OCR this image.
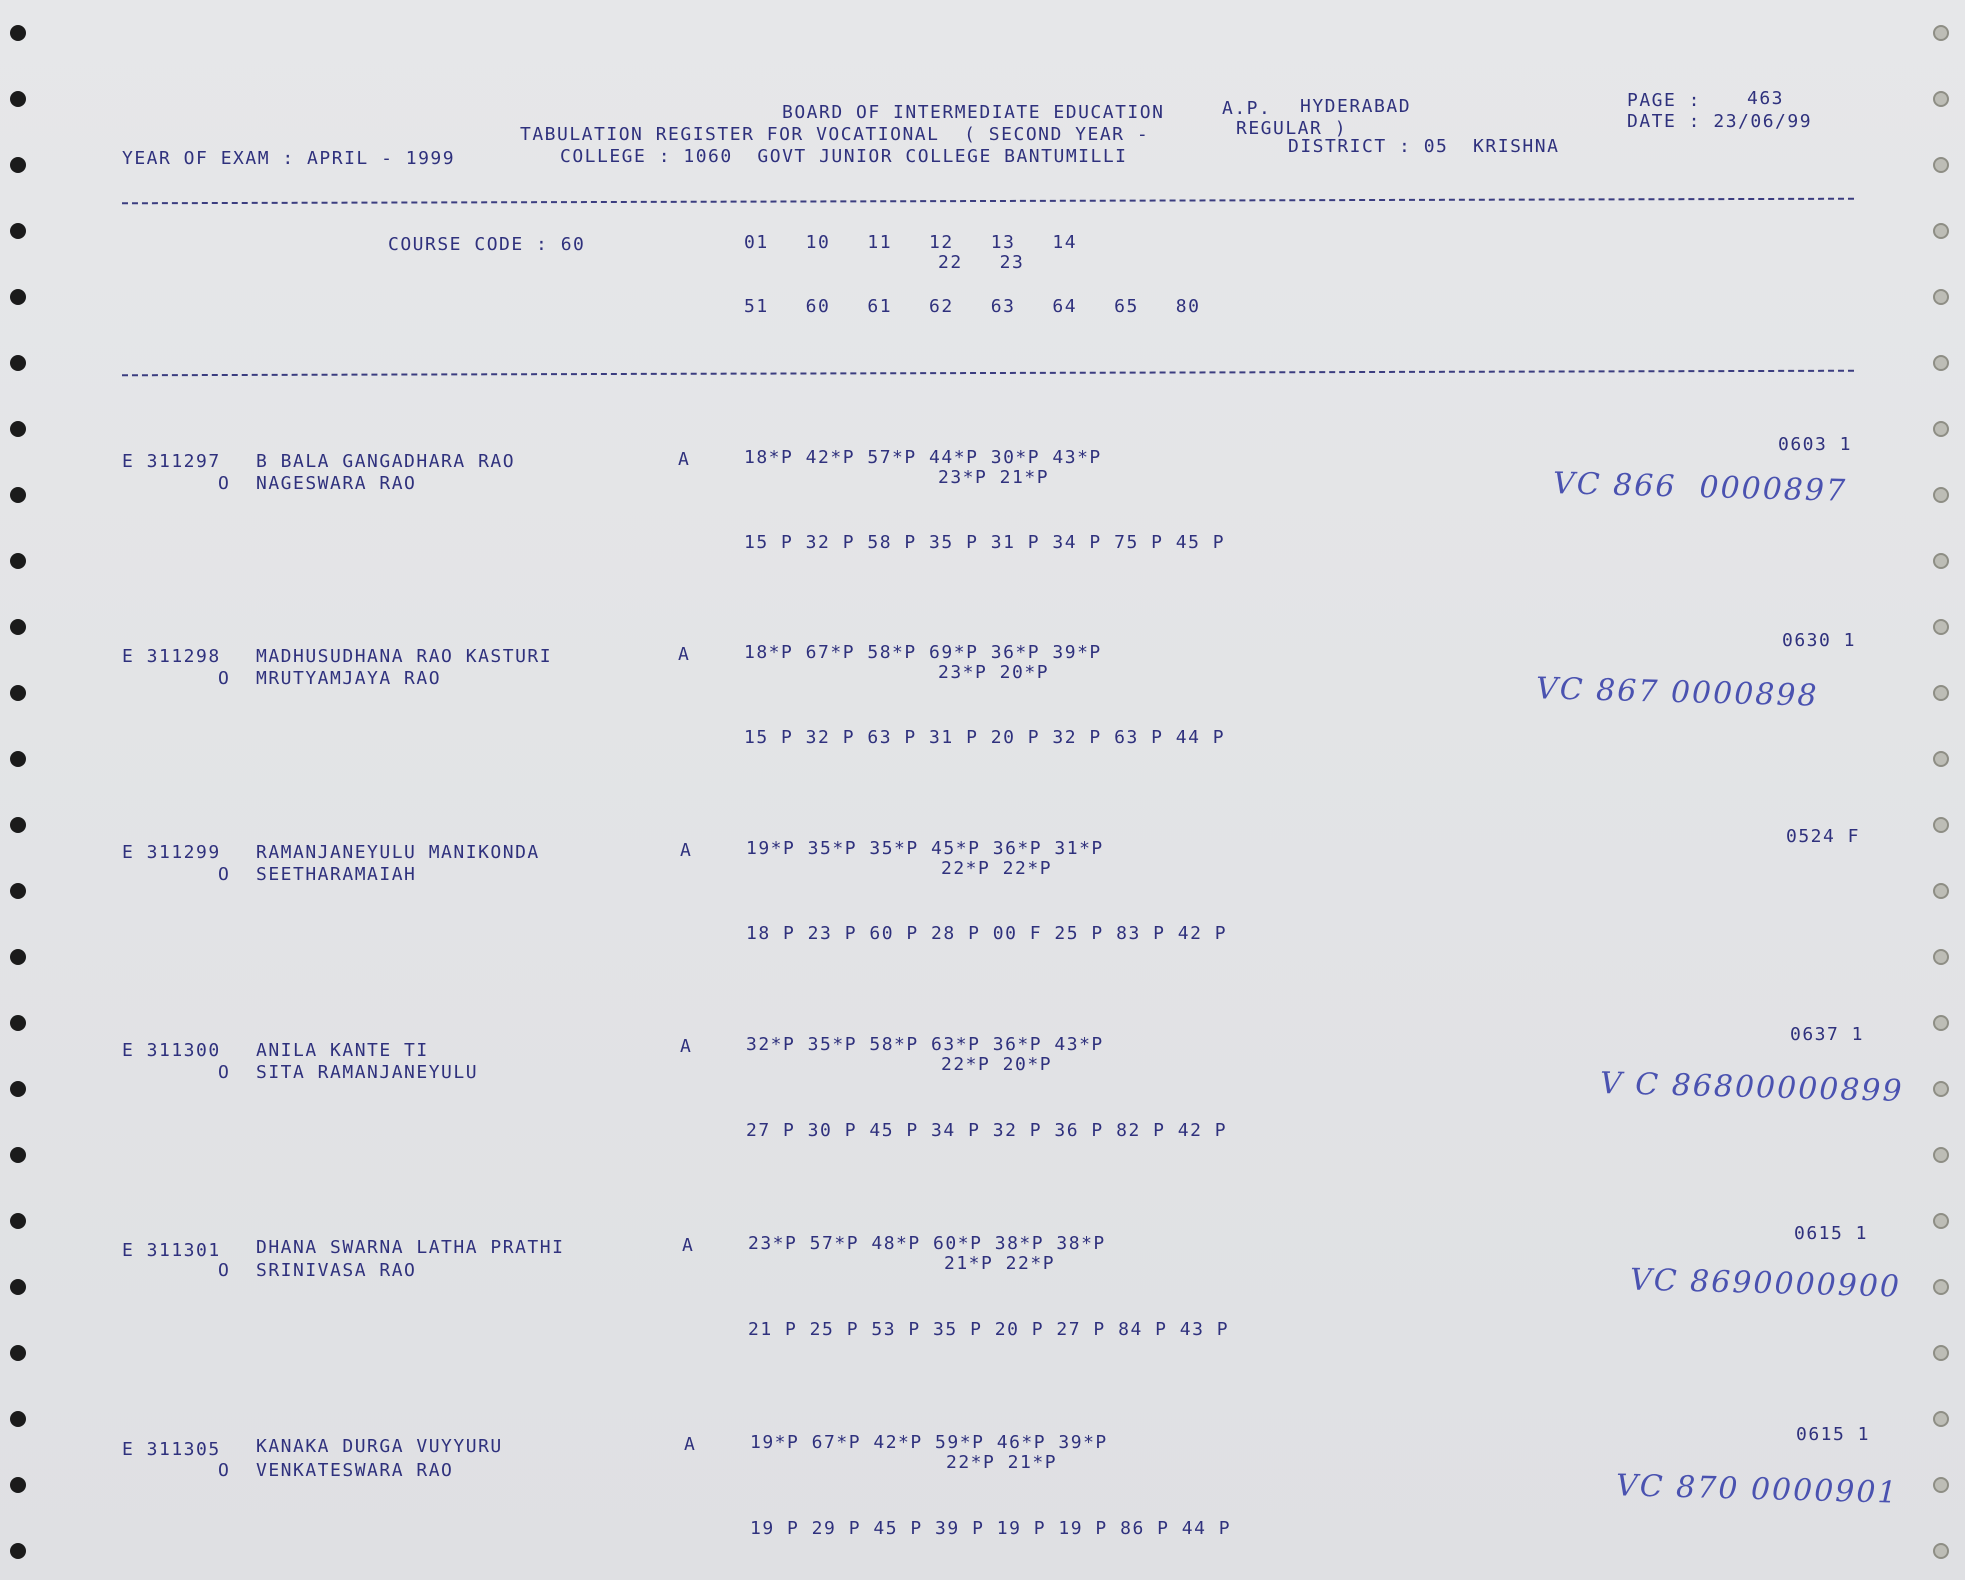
BOARD OF INTERMEDIATE EDUCATION	A.P. HYDERABAD	PAGE :	463
TABULATION REGISTER FOR VOCATIONAL  ( SECOND YEAR -	REGULAR )	DATE : 23/06/99
YEAR OF EXAM : APRIL - 1999	COLLEGE : 1060  GOVT JUNIOR COLLEGE BANTUMILLI	DISTRICT : 05  KRISHNA
COURSE CODE : 60	01   10   11   12   13   14
22   23
51   60   61   62   63   64   65   80
E 311297 B BALA GANGADHARA RAO
O NAGESWARA RAO
A	18*P 42*P 57*P 44*P 30*P 43*P
23*P 21*P
15 P 32 P 58 P 35 P 31 P 34 P 75 P 45 P
0603 1
VC 866  0000897
E 311298 MADHUSUDHANA RAO KASTURI
O MRUTYAMJAYA RAO
A	18*P 67*P 58*P 69*P 36*P 39*P
23*P 20*P
15 P 32 P 63 P 31 P 20 P 32 P 63 P 44 P
0630 1
VC 867 0000898
E 311299 RAMANJANEYULU MANIKONDA
O SEETHARAMAIAH
A	19*P 35*P 35*P 45*P 36*P 31*P
22*P 22*P
18 P 23 P 60 P 28 P 00 F 25 P 83 P 42 P
0524 F
E 311300 ANILA KANTE TI
O SITA RAMANJANEYULU
A	32*P 35*P 58*P 63*P 36*P 43*P
22*P 20*P
27 P 30 P 45 P 34 P 32 P 36 P 82 P 42 P
0637 1
V C 86800000899
E 311301 DHANA SWARNA LATHA PRATHI
O SRINIVASA RAO
A	23*P 57*P 48*P 60*P 38*P 38*P
21*P 22*P
21 P 25 P 53 P 35 P 20 P 27 P 84 P 43 P
0615 1
VC 8690000900
E 311305 KANAKA DURGA VUYYURU
O VENKATESWARA RAO
A	19*P 67*P 42*P 59*P 46*P 39*P
22*P 21*P
19 P 29 P 45 P 39 P 19 P 19 P 86 P 44 P
0615 1
VC 870 0000901
